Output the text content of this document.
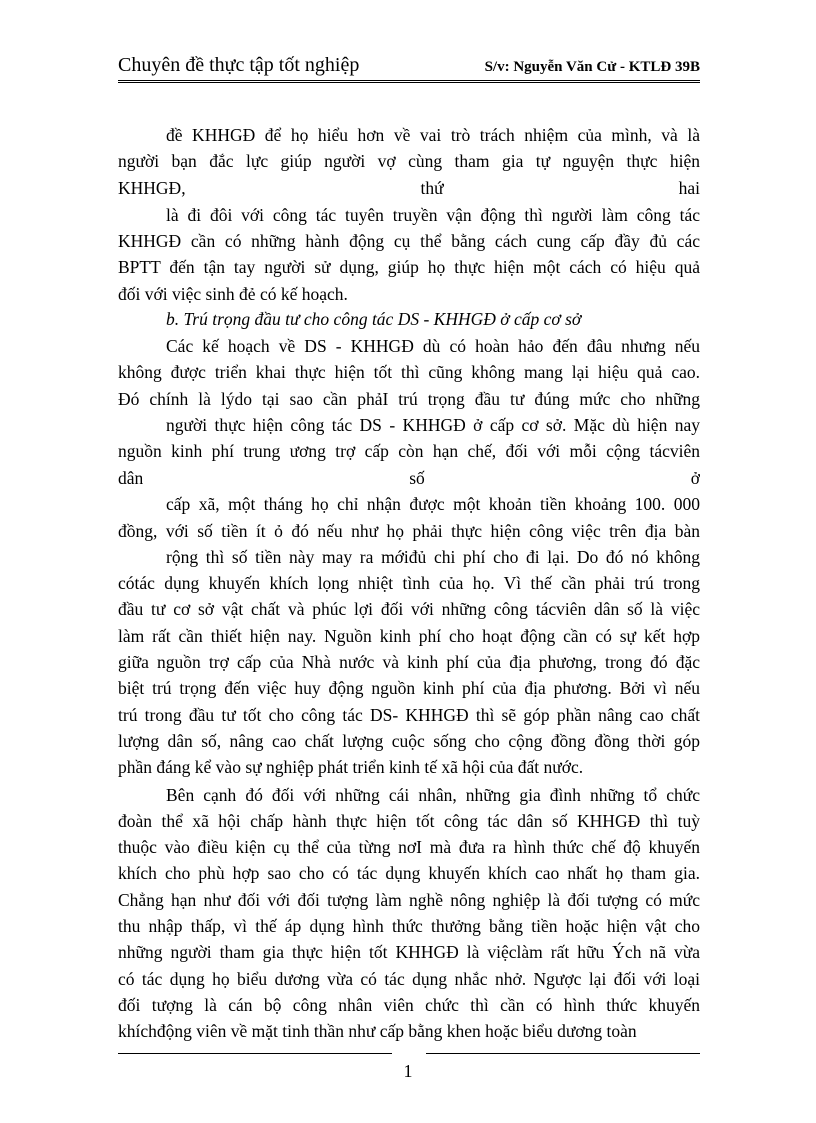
Chuyên đề thực tập tốt nghiệp	S/v: Nguyễn Văn Cử - KTLĐ 39B
đề KHHGĐ để họ hiểu hơn về vai trò trách nhiệm của mình, và là
người bạn đắc lực giúp người vợ cùng tham gia tự nguyện thực hiện
KHHGĐ, thứ hai
là đi đôi với công tác tuyên truyền vận động thì người làm công tác
KHHGĐ cần có những hành động cụ thể bằng cách cung cấp đầy đủ các
BPTT đến tận tay người sử dụng, giúp họ thực hiện một cách có hiệu quả
đối với việc sinh đẻ có kế hoạch.
b. Trú trọng đầu tư cho công tác DS - KHHGĐ ở cấp cơ sở
Các kế hoạch về DS - KHHGĐ dù có hoàn hảo đến đâu nhưng nếu
không được triển khai thực hiện tốt thì cũng không mang lại hiệu quả cao.
Đó chính là lýdo tại sao cần phảI trú trọng đầu tư đúng mức cho những
người thực hiện công tác DS - KHHGĐ ở cấp cơ sở. Mặc dù hiện nay
nguồn kinh phí trung ương trợ cấp còn hạn chế, đối với mỗi cộng tácviên
dân số ở
cấp xã, một tháng họ chỉ nhận được một khoản tiền khoảng 100. 000
đồng, với số tiền ít ỏ đó nếu như họ phải thực hiện công việc trên địa bàn
rộng thì số tiền này may ra mớiđủ chi phí cho đi lại. Do đó nó không
cótác dụng khuyến khích lọng nhiệt tình của họ. Vì thế cần phải trú trong
đầu tư cơ sở vật chất và phúc lợi đối với những công tácviên dân số là việc
làm rất cần thiết hiện nay. Nguồn kinh phí cho hoạt động cần có sự kết hợp
giữa nguồn trợ cấp của Nhà nước và kinh phí của địa phương, trong đó đặc
biệt trú trọng đến việc huy động nguồn kinh phí của địa phương. Bởi vì nếu
trú trong đầu tư tốt cho công tác DS- KHHGĐ thì sẽ góp phần nâng cao chất
lượng dân số, nâng cao chất lượng cuộc sống cho cộng đồng đồng thời góp
phần đáng kể vào sự nghiệp phát triển kinh tế xã hội của đất nước.
Bên cạnh đó đối với những cái nhân, những gia đình những tổ chức
đoàn thể xã hội chấp hành thực hiện tốt công tác dân số KHHGĐ thì tuỳ
thuộc vào điều kiện cụ thể của từng nơI mà đưa ra hình thức chế độ khuyến
khích cho phù hợp sao cho có tác dụng khuyến khích cao nhất họ tham gia.
Chẳng hạn như đối với đối tượng làm nghề nông nghiệp là đối tượng có mức
thu nhập thấp, vì thế áp dụng hình thức thưởng bằng tiền hoặc hiện vật cho
những người tham gia thực hiện tốt KHHGĐ là việclàm rất hữu Ých nã vừa
có tác dụng họ biểu dương vừa có tác dụng nhắc nhở. Ngược lại đối với loại
đối tượng là cán bộ công nhân viên chức thì cần có hình thức khuyến
khíchđộng viên về mặt tinh thần như cấp bằng khen hoặc biểu dương toàn
1
